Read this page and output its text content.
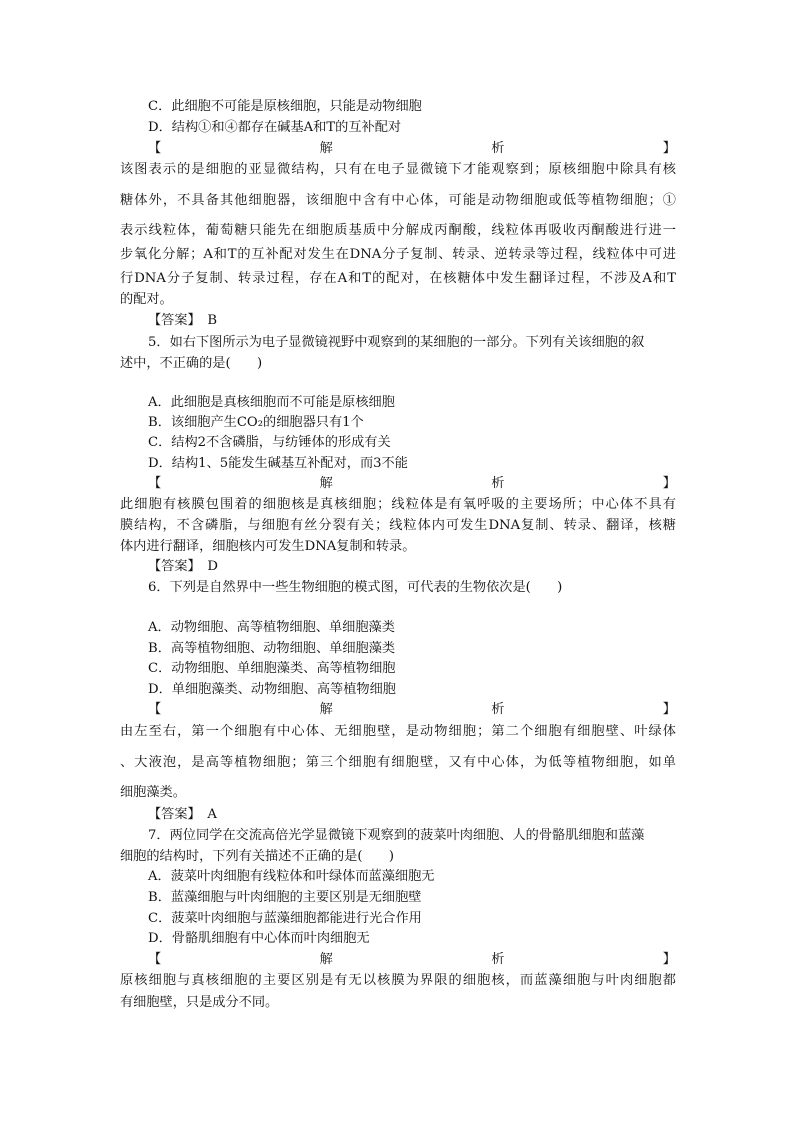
C．此细胞不可能是原核细胞，只能是动物细胞
D．结构①和④都存在碱基A和T的互补配对
【	解	析	】
该图表示的是细胞的亚显微结构，只有在电子显微镜下才能观察到；原核细胞中除具有核
糖体外，不具备其他细胞器，该细胞中含有中心体，可能是动物细胞或低等植物细胞；①
表示线粒体，葡萄糖只能先在细胞质基质中分解成丙酮酸，线粒体再吸收丙酮酸进行进一
步氧化分解；A和T的互补配对发生在DNA分子复制、转录、逆转录等过程，线粒体中可进
行DNA分子复制、转录过程，存在A和T的配对，在核糖体中发生翻译过程，不涉及A和T
的配对。
【答案】　B
5．如右下图所示为电子显微镜视野中观察到的某细胞的一部分。下列有关该细胞的叙
述中，不正确的是(　　)
A．此细胞是真核细胞而不可能是原核细胞
B．该细胞产生CO₂的细胞器只有1个
C．结构2不含磷脂，与纺锤体的形成有关
D．结构1、5能发生碱基互补配对，而3不能
【	解	析	】
此细胞有核膜包围着的细胞核是真核细胞；线粒体是有氧呼吸的主要场所；中心体不具有
膜结构，不含磷脂，与细胞有丝分裂有关；线粒体内可发生DNA复制、转录、翻译，核糖
体内进行翻译，细胞核内可发生DNA复制和转录。
【答案】　D
6．下列是自然界中一些生物细胞的模式图，可代表的生物依次是(　　)
A．动物细胞、高等植物细胞、单细胞藻类
B．高等植物细胞、动物细胞、单细胞藻类
C．动物细胞、单细胞藻类、高等植物细胞
D．单细胞藻类、动物细胞、高等植物细胞
【	解	析	】
由左至右，第一个细胞有中心体、无细胞壁，是动物细胞；第二个细胞有细胞壁、叶绿体
、大液泡，是高等植物细胞；第三个细胞有细胞壁，又有中心体，为低等植物细胞，如单
细胞藻类。
【答案】　A
7．两位同学在交流高倍光学显微镜下观察到的菠菜叶肉细胞、人的骨骼肌细胞和蓝藻
细胞的结构时，下列有关描述不正确的是(　　)
A．菠菜叶肉细胞有线粒体和叶绿体而蓝藻细胞无
B．蓝藻细胞与叶肉细胞的主要区别是无细胞壁
C．菠菜叶肉细胞与蓝藻细胞都能进行光合作用
D．骨骼肌细胞有中心体而叶肉细胞无
【	解	析	】
原核细胞与真核细胞的主要区别是有无以核膜为界限的细胞核，而蓝藻细胞与叶肉细胞都
有细胞壁，只是成分不同。
